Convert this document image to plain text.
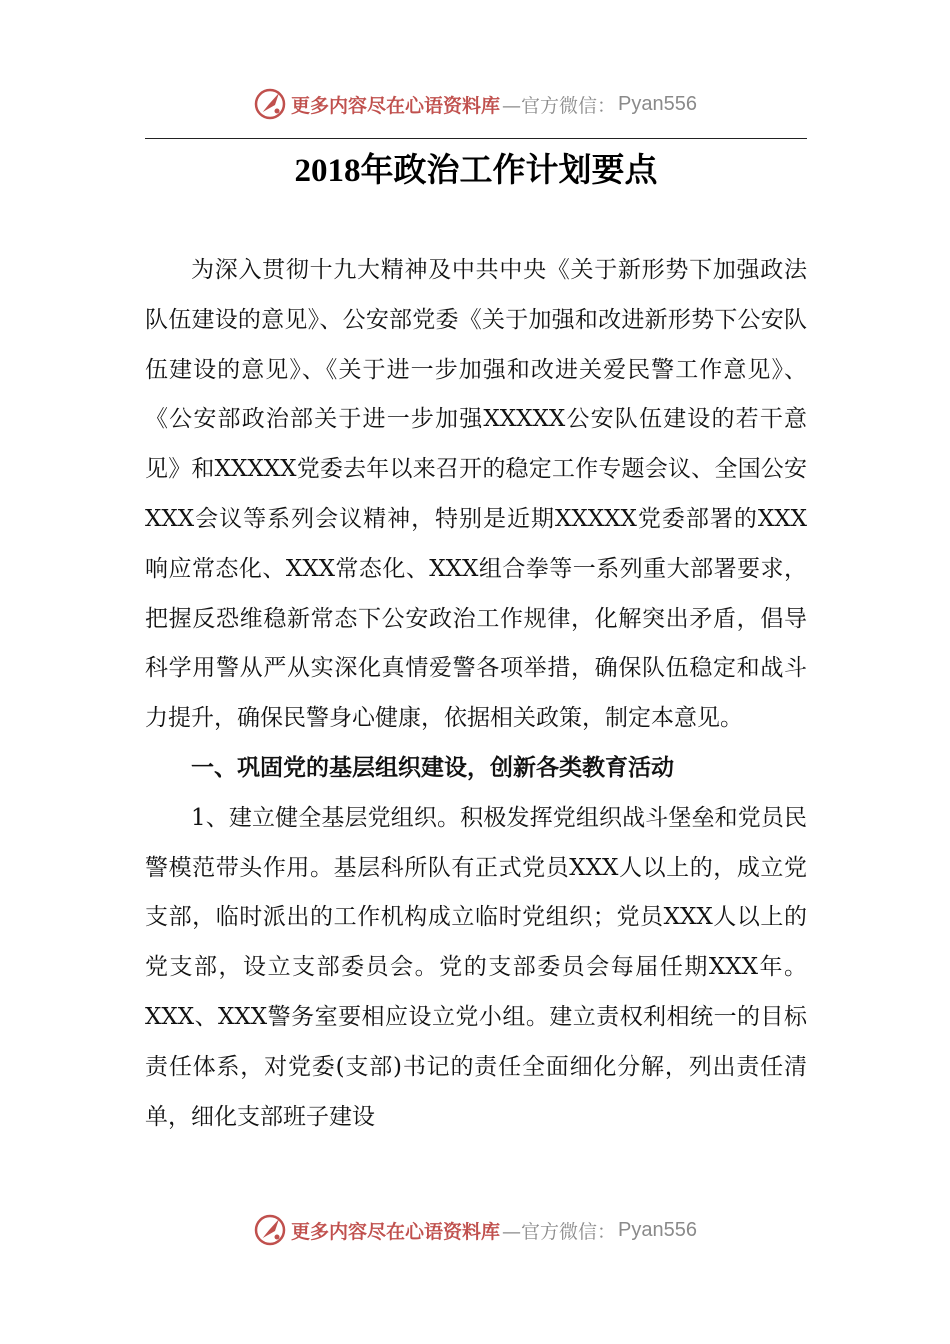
更多内容尽在心语资料库 —官方微信： Pyan556
2018年政治工作计划要点

为深入贯彻十九大精神及中共中央《关于新形势下加强政法队伍建设的意见》、公安部党委《关于加强和改进新形势下公安队伍建设的意见》、《关于进一步加强和改进关爱民警工作意见》、《公安部政治部关于进一步加强XXXXX公安队伍建设的若干意见》和XXXXX党委去年以来召开的稳定工作专题会议、全国公安XXX会议等系列会议精神，特别是近期XXXXX党委部署的XXX响应常态化、XXX常态化、XXX组合拳等一系列重大部署要求，把握反恐维稳新常态下公安政治工作规律，化解突出矛盾，倡导科学用警从严从实深化真情爱警各项举措，确保队伍稳定和战斗力提升，确保民警身心健康，依据相关政策，制定本意见。

一、巩固党的基层组织建设，创新各类教育活动

1、建立健全基层党组织。积极发挥党组织战斗堡垒和党员民警模范带头作用。基层科所队有正式党员XXX人以上的，成立党支部，临时派出的工作机构成立临时党组织；党员XXX人以上的党支部，设立支部委员会。党的支部委员会每届任期XXX年。XXX、XXX警务室要相应设立党小组。建立责权利相统一的目标责任体系，对党委(支部)书记的责任全面细化分解，列出责任清单，细化支部班子建设

更多内容尽在心语资料库 —官方微信： Pyan556
